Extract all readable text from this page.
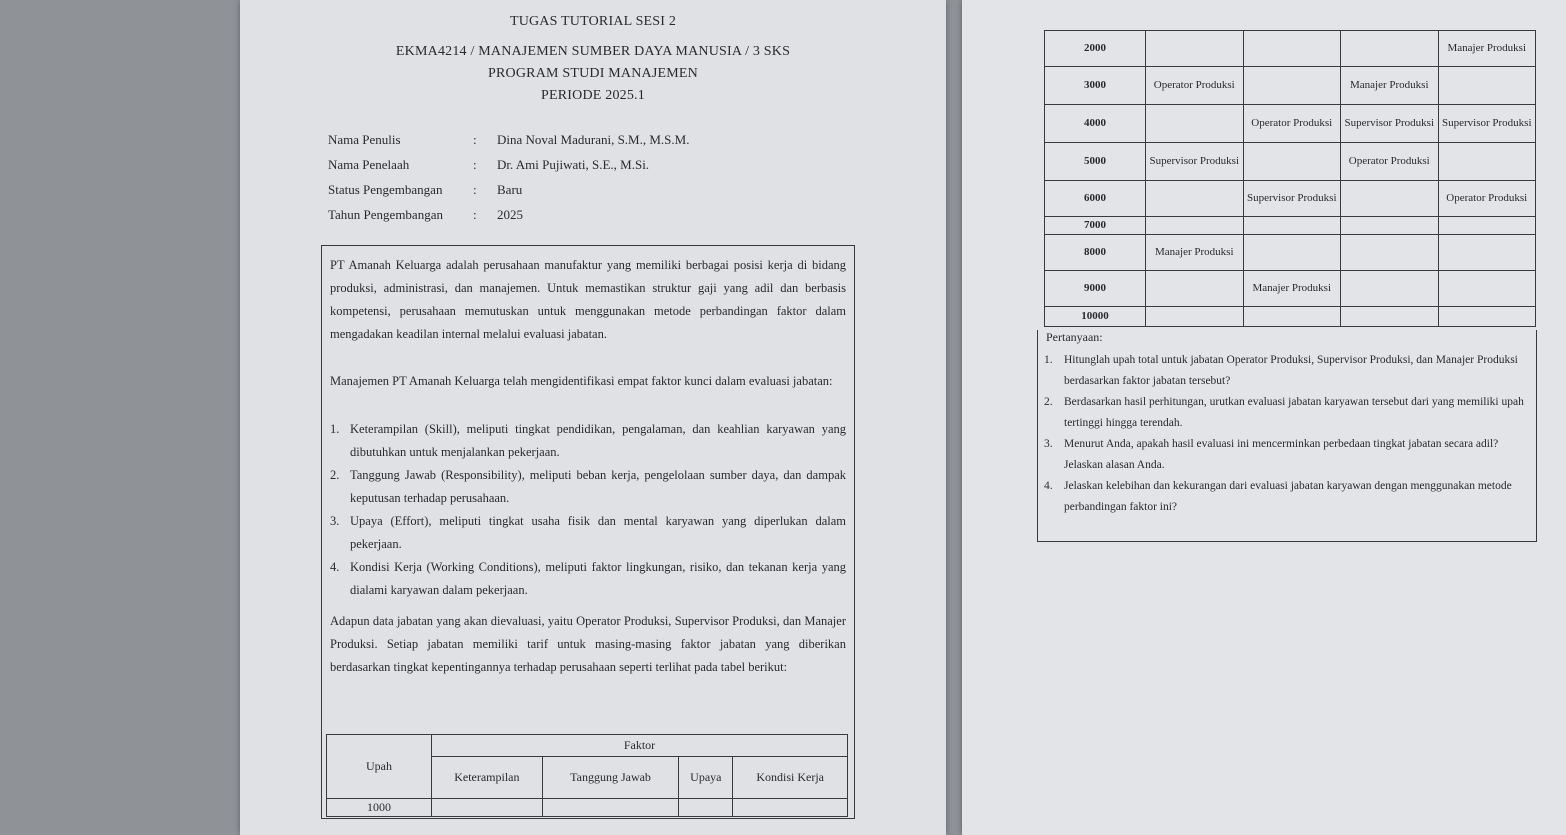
TUGAS TUTORIAL SESI 2
EKMA4214 / MANAJEMEN SUMBER DAYA MANUSIA / 3 SKS
PROGRAM STUDI MANAJEMEN
PERIODE 2025.1
Nama Penulis	: Dina Noval Madurani, S.M., M.S.M.
Nama Penelaah	: Dr. Ami Pujiwati, S.E., M.Si.
Status Pengembangan : Baru
Tahun Pengembangan : 2025
PT Amanah Keluarga adalah perusahaan manufaktur yang memiliki berbagai posisi kerja di bidang produksi, administrasi, dan manajemen. Untuk memastikan struktur gaji yang adil dan berbasis kompetensi, perusahaan memutuskan untuk menggunakan metode perbandingan faktor dalam mengadakan keadilan internal melalui evaluasi jabatan.
Manajemen PT Amanah Keluarga telah mengidentifikasi empat faktor kunci dalam evaluasi jabatan:
1. Keterampilan (Skill), meliputi tingkat pendidikan, pengalaman, dan keahlian karyawan yang dibutuhkan untuk menjalankan pekerjaan.
2. Tanggung Jawab (Responsibility), meliputi beban kerja, pengelolaan sumber daya, dan dampak keputusan terhadap perusahaan.
3. Upaya (Effort), meliputi tingkat usaha fisik dan mental karyawan yang diperlukan dalam pekerjaan.
4. Kondisi Kerja (Working Conditions), meliputi faktor lingkungan, risiko, dan tekanan kerja yang dialami karyawan dalam pekerjaan.
Adapun data jabatan yang akan dievaluasi, yaitu Operator Produksi, Supervisor Produksi, dan Manajer Produksi. Setiap jabatan memiliki tarif untuk masing-masing faktor jabatan yang diberikan berdasarkan tingkat kepentingannya terhadap perusahaan seperti terlihat pada tabel berikut:
Upah	Faktor			
	Keterampilan	Tanggung Jawab	Upaya	Kondisi Kerja
1000				
2000				Manajer Produksi
3000	Operator Produksi		Manajer Produksi	
4000		Operator Produksi	Supervisor Produksi	Supervisor Produksi
5000	Supervisor Produksi		Operator Produksi	
6000		Supervisor Produksi		Operator Produksi
7000				
8000	Manajer Produksi			
9000		Manajer Produksi		
10000				
Pertanyaan:
1. Hitunglah upah total untuk jabatan Operator Produksi, Supervisor Produksi, dan Manajer Produksi berdasarkan faktor jabatan tersebut?
2. Berdasarkan hasil perhitungan, urutkan evaluasi jabatan karyawan tersebut dari yang memiliki upah tertinggi hingga terendah.
3. Menurut Anda, apakah hasil evaluasi ini mencerminkan perbedaan tingkat jabatan secara adil? Jelaskan alasan Anda.
4. Jelaskan kelebihan dan kekurangan dari evaluasi jabatan karyawan dengan menggunakan metode perbandingan faktor ini?
